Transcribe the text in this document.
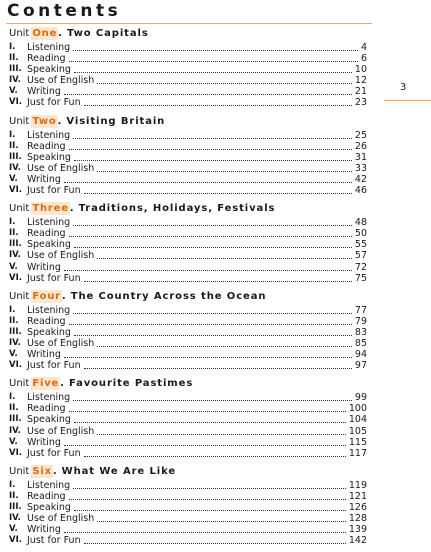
Contents
3
Unit One. Two Capitals
I.	Listening	4
II. Reading	6
III. Speaking	10
IV. Use of English	12
V. Writing	21
VI. Just for Fun	23
Unit Two. Visiting Britain
I.	Listening	25
II. Reading	26
III. Speaking	31
IV. Use of English	33
V. Writing	42
VI. Just for Fun	46
Unit Three. Traditions, Holidays, Festivals
I.	Listening	48
II. Reading	50
III. Speaking	55
IV. Use of English	57
V. Writing	72
VI. Just for Fun	75
Unit Four. The Country Across the Ocean
I.	Listening	77
II. Reading	79
III. Speaking	83
IV. Use of English	85
V. Writing	94
VI. Just for Fun	97
Unit Five. Favourite Pastimes
I.	Listening	99
II. Reading	100
III. Speaking	104
IV. Use of English	105
V. Writing	115
VI. Just for Fun	117
Unit Six. What We Are Like
I.	Listening	119
II. Reading	121
III. Speaking	126
IV. Use of English	128
V. Writing	139
VI. Just for Fun	142
